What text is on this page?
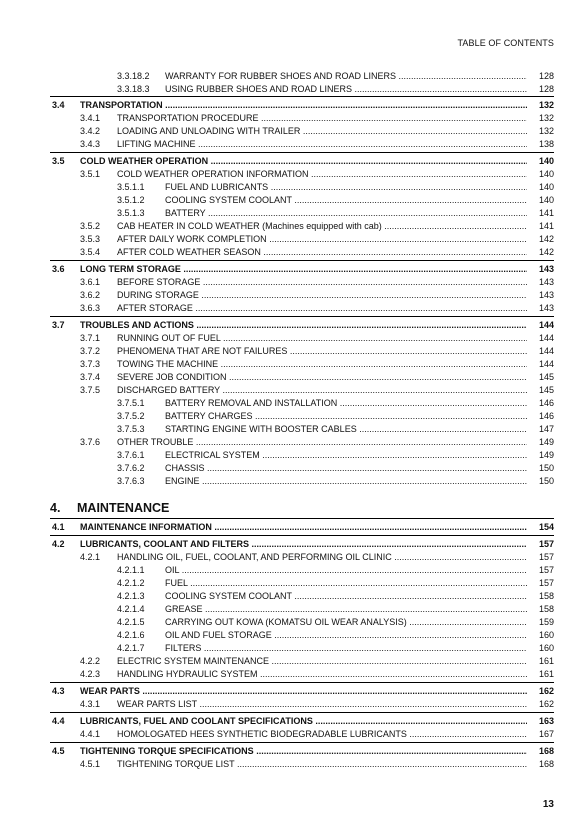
TABLE OF CONTENTS
3.3.18.2 WARRANTY FOR RUBBER SHOES AND ROAD LINERS .....	128
3.3.18.3 USING RUBBER SHOES AND ROAD LINERS .....	128
3.4 TRANSPORTATION .....	132
3.4.1 TRANSPORTATION PROCEDURE .....	132
3.4.2 LOADING AND UNLOADING WITH TRAILER .....	132
3.4.3 LIFTING MACHINE .....	138
3.5 COLD WEATHER OPERATION .....	140
3.5.1 COLD WEATHER OPERATION INFORMATION .....	140
3.5.1.1 FUEL AND LUBRICANTS .....	140
3.5.1.2 COOLING SYSTEM COOLANT .....	140
3.5.1.3 BATTERY .....	141
3.5.2 CAB HEATER IN COLD WEATHER (Machines equipped with cab) .....	141
3.5.3 AFTER DAILY WORK COMPLETION .....	142
3.5.4 AFTER COLD WEATHER SEASON .....	142
3.6 LONG TERM STORAGE .....	143
3.6.1 BEFORE STORAGE .....	143
3.6.2 DURING STORAGE .....	143
3.6.3 AFTER STORAGE .....	143
3.7 TROUBLES AND ACTIONS .....	144
3.7.1 RUNNING OUT OF FUEL .....	144
3.7.2 PHENOMENA THAT ARE NOT FAILURES .....	144
3.7.3 TOWING THE MACHINE .....	144
3.7.4 SEVERE JOB CONDITION .....	145
3.7.5 DISCHARGED BATTERY .....	145
3.7.5.1 BATTERY REMOVAL AND INSTALLATION .....	146
3.7.5.2 BATTERY CHARGES .....	146
3.7.5.3 STARTING ENGINE WITH BOOSTER CABLES .....	147
3.7.6 OTHER TROUBLE .....	149
3.7.6.1 ELECTRICAL SYSTEM .....	149
3.7.6.2 CHASSIS .....	150
3.7.6.3 ENGINE .....	150
4.1 MAINTENANCE INFORMATION .....	154
4.2 LUBRICANTS, COOLANT AND FILTERS .....	157
4.2.1 HANDLING OIL, FUEL, COOLANT, AND PERFORMING OIL CLINIC .....	157
4.2.1.1 OIL .....	157
4.2.1.2 FUEL .....	157
4.2.1.3 COOLING SYSTEM COOLANT .....	158
4.2.1.4 GREASE .....	158
4.2.1.5 CARRYING OUT KOWA (KOMATSU OIL WEAR ANALYSIS) .....	159
4.2.1.6 OIL AND FUEL STORAGE .....	160
4.2.1.7 FILTERS .....	160
4.2.2 ELECTRIC SYSTEM MAINTENANCE .....	161
4.2.3 HANDLING HYDRAULIC SYSTEM .....	161
4.3 WEAR PARTS .....	162
4.3.1 WEAR PARTS LIST .....	162
4.4 LUBRICANTS, FUEL AND COOLANT SPECIFICATIONS .....	163
4.4.1 HOMOLOGATED HEES SYNTHETIC BIODEGRADABLE LUBRICANTS .....	167
4.5 TIGHTENING TORQUE SPECIFICATIONS .....	168
4.5.1 TIGHTENING TORQUE LIST .....	168
4. MAINTENANCE
13
